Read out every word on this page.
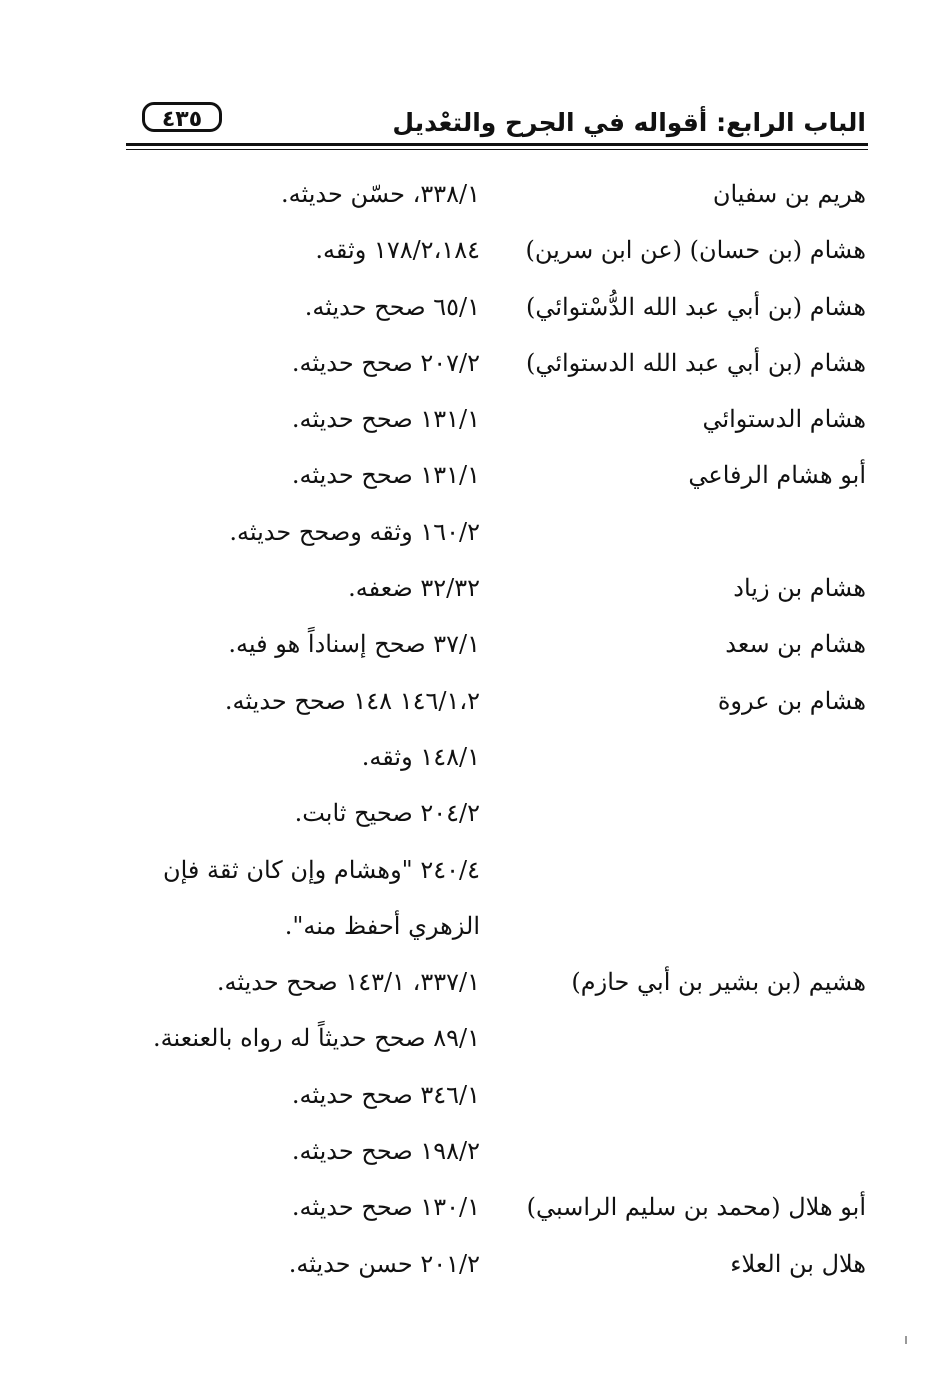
الباب الرابع: أقواله في الجرح والتعْديل
٤٣٥
هريم بن سفيان
٣٣٨/١، حسّن حديثه.
هشام (بن حسان) (عن ابن سرين)
١٧٨/٢،١٨٤ وثقه.
هشام (بن أبي عبد الله الدُّسْتوائي)
٦٥/١ صحح حديثه.
هشام (بن أبي عبد الله الدستوائي)
٢٠٧/٢ صحح حديثه.
هشام الدستوائي
١٣١/١ صحح حديثه.
أبو هشام الرفاعي
١٣١/١ صحح حديثه.
١٦٠/٢ وثقه وصحح حديثه.
هشام بن زياد
٣٢/٣٢ ضعفه.
هشام بن سعد
٣٧/١ صحح إسناداً هو فيه.
هشام بن عروة
١٤٦/١،٢ ١٤٨ صحح حديثه.
١٤٨/١ وثقه.
٢٠٤/٢ صحيح ثابت.
٢٤٠/٤ "وهشام وإن كان ثقة فإن
الزهري أحفظ منه".
هشيم (بن بشير بن أبي حازم)
٣٣٧/١، ١٤٣/١ صحح حديثه.
٨٩/١ صحح حديثاً له رواه بالعنعنة.
٣٤٦/١ صحح حديثه.
١٩٨/٢ صحح حديثه.
أبو هلال (محمد بن سليم الراسبي)
١٣٠/١ صحح حديثه.
هلال بن العلاء
٢٠١/٢ حسن حديثه.
